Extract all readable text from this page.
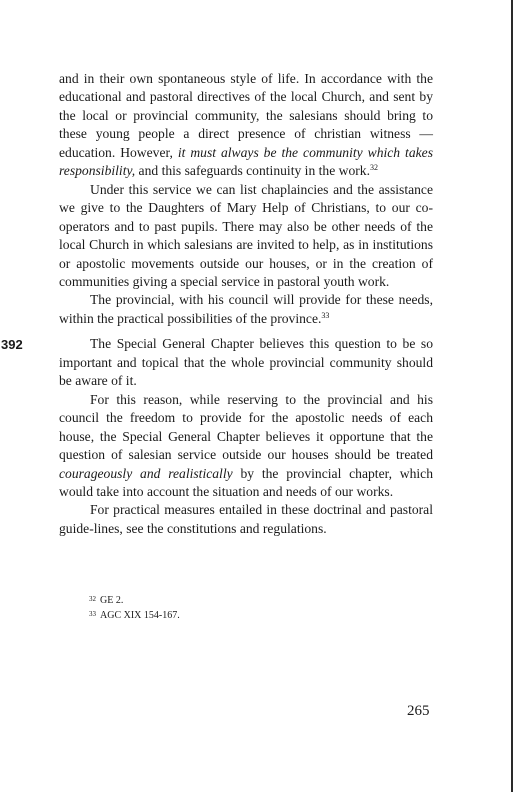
and in their own spontaneous style of life. In accordance with the educational and pastoral directives of the local Church, and sent by the local or provincial community, the salesians should bring to these young people a direct presence of christian witness — education. However, it must always be the community which takes responsibility, and this safeguards continuity in the work.$^{32}$

Under this service we can list chaplaincies and the assistance we give to the Daughters of Mary Help of Christians, to our co-operators and to past pupils. There may also be other needs of the local Church in which salesians are invited to help, as in institutions or apostolic movements outside our houses, or in the creation of communities giving a special service in pastoral youth work.

The provincial, with his council will provide for these needs, within the practical possibilities of the province.$^{33}$

392	The Special General Chapter believes this question to be so important and topical that the whole provincial community should be aware of it.

For this reason, while reserving to the provincial and his council the freedom to provide for the apostolic needs of each house, the Special General Chapter believes it opportune that the question of salesian service outside our houses should be treated courageously and realistically by the provincial chapter, which would take into account the situation and needs of our works.

For practical measures entailed in these doctrinal and pastoral guide-lines, see the constitutions and regulations.

$^{32}$ GE 2.
$^{33}$ AGC XIX 154-167.
265
